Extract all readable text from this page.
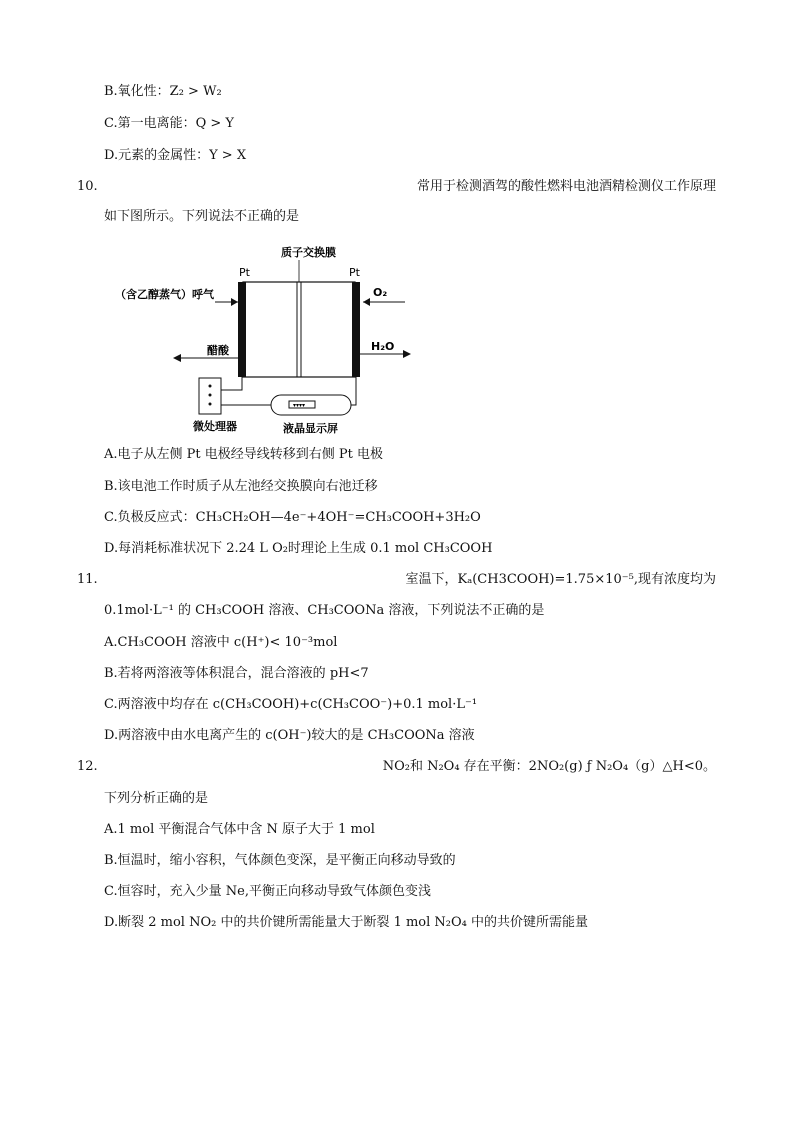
B.氧化性：Z₂ > W₂
C.第一电离能：Q > Y
D.元素的金属性：Y > X
10.	常用于检测酒驾的酸性燃料电池酒精检测仪工作原理
如下图所示。下列说法不正确的是
质子交换膜
Pt	Pt
（含乙醇蒸气）呼气	O₂
醋酸	H₂O
微处理器
▾▾▾▾
液晶显示屏
A.电子从左侧 Pt 电极经导线转移到右侧 Pt 电极
B.该电池工作时质子从左池经交换膜向右池迁移
C.负极反应式：CH₃CH₂OH—4e⁻+4OH⁻=CH₃COOH+3H₂O
D.每消耗标准状况下 2.24 L O₂时理论上生成 0.1 mol CH₃COOH
11.	室温下，Kₐ(CH3COOH)=1.75×10⁻⁵,现有浓度均为
0.1mol·L⁻¹ 的 CH₃COOH 溶液、CH₃COONa 溶液，下列说法不正确的是
A.CH₃COOH 溶液中 c(H⁺)< 10⁻³mol
B.若将两溶液等体积混合，混合溶液的 pH<7
C.两溶液中均存在 c(CH₃COOH)+c(CH₃COO⁻)+0.1 mol·L⁻¹
D.两溶液中由水电离产生的 c(OH⁻)较大的是 CH₃COONa 溶液
12.	NO₂和 N₂O₄ 存在平衡：2NO₂(g) ƒ N₂O₄（g）△H<0。
下列分析正确的是
A.1 mol 平衡混合气体中含 N 原子大于 1 mol
B.恒温时，缩小容积，气体颜色变深，是平衡正向移动导致的
C.恒容时，充入少量 Ne,平衡正向移动导致气体颜色变浅
D.断裂 2 mol NO₂ 中的共价键所需能量大于断裂 1 mol N₂O₄ 中的共价键所需能量
